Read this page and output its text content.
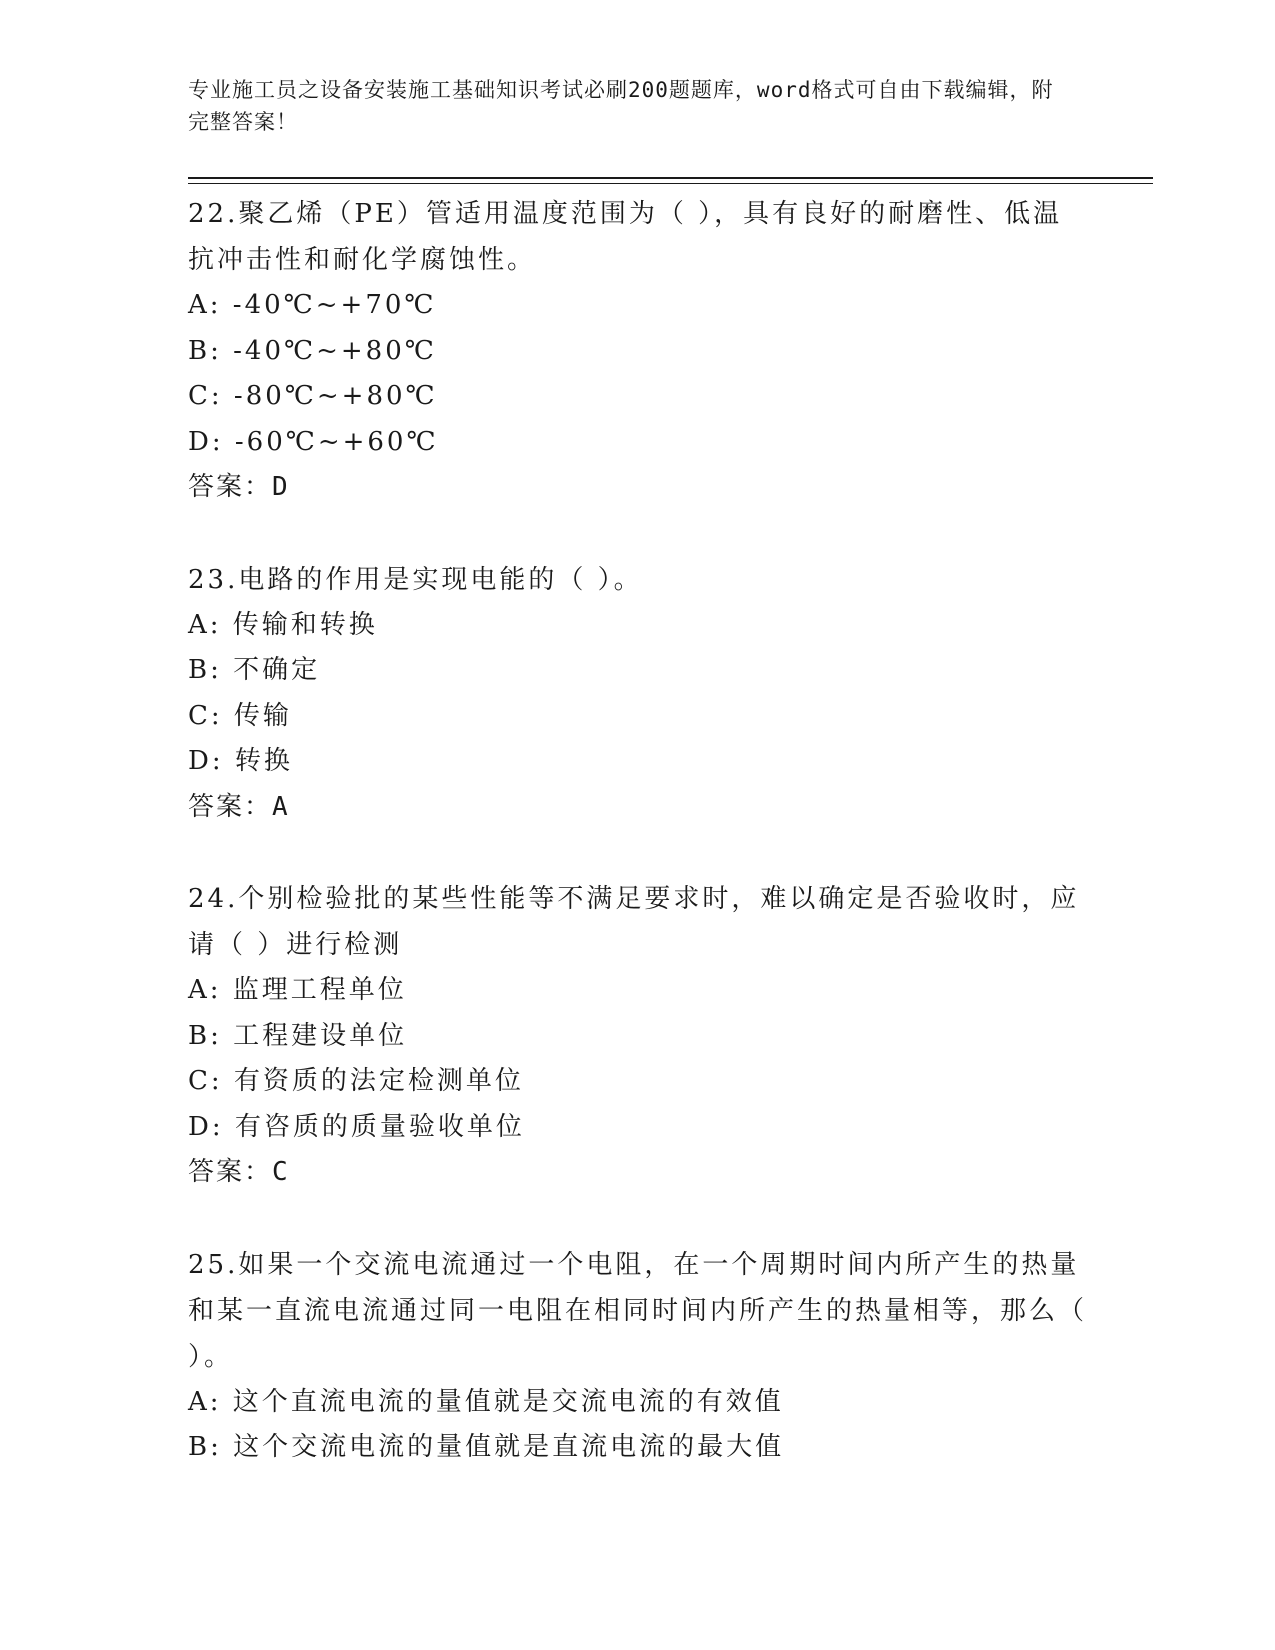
专业施工员之设备安装施工基础知识考试必刷200题题库，word格式可自由下载编辑，附完整答案！
22.聚乙烯（PE）管适用温度范围为（ ），具有良好的耐磨性、低温抗冲击性和耐化学腐蚀性。
A: -40℃~+70℃
B: -40℃~+80℃
C: -80℃~+80℃
D: -60℃~+60℃
答案：D
23.电路的作用是实现电能的（ ）。
A: 传输和转换
B: 不确定
C: 传输
D: 转换
答案：A
24.个别检验批的某些性能等不满足要求时，难以确定是否验收时，应请（ ）进行检测
A: 监理工程单位
B: 工程建设单位
C: 有资质的法定检测单位
D: 有咨质的质量验收单位
答案：C
25.如果一个交流电流通过一个电阻，在一个周期时间内所产生的热量和某一直流电流通过同一电阻在相同时间内所产生的热量相等，那么（ ）。
A: 这个直流电流的量值就是交流电流的有效值
B: 这个交流电流的量值就是直流电流的最大值
